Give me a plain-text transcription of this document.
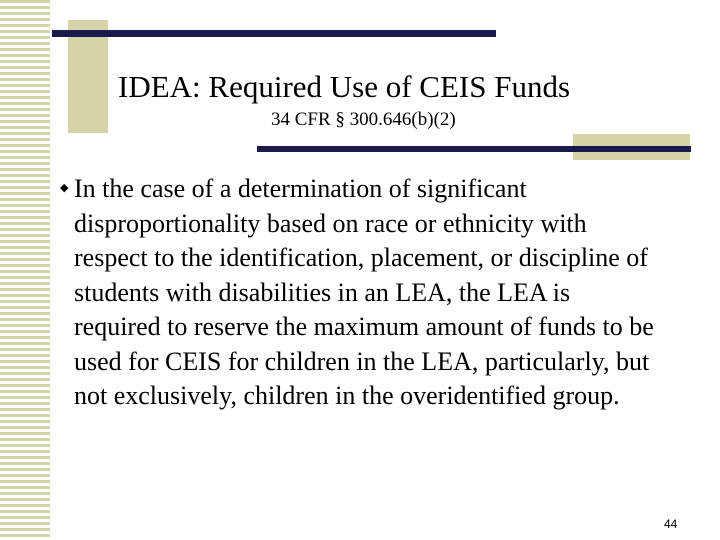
IDEA: Required Use of CEIS Funds
34 CFR § 300.646(b)(2)
◆ In the case of a determination of significant disproportionality based on race or ethnicity with respect to the identification, placement, or discipline of students with disabilities in an LEA, the LEA is required to reserve the maximum amount of funds to be used for CEIS for children in the LEA, particularly, but not exclusively, children in the overidentified group.

44
